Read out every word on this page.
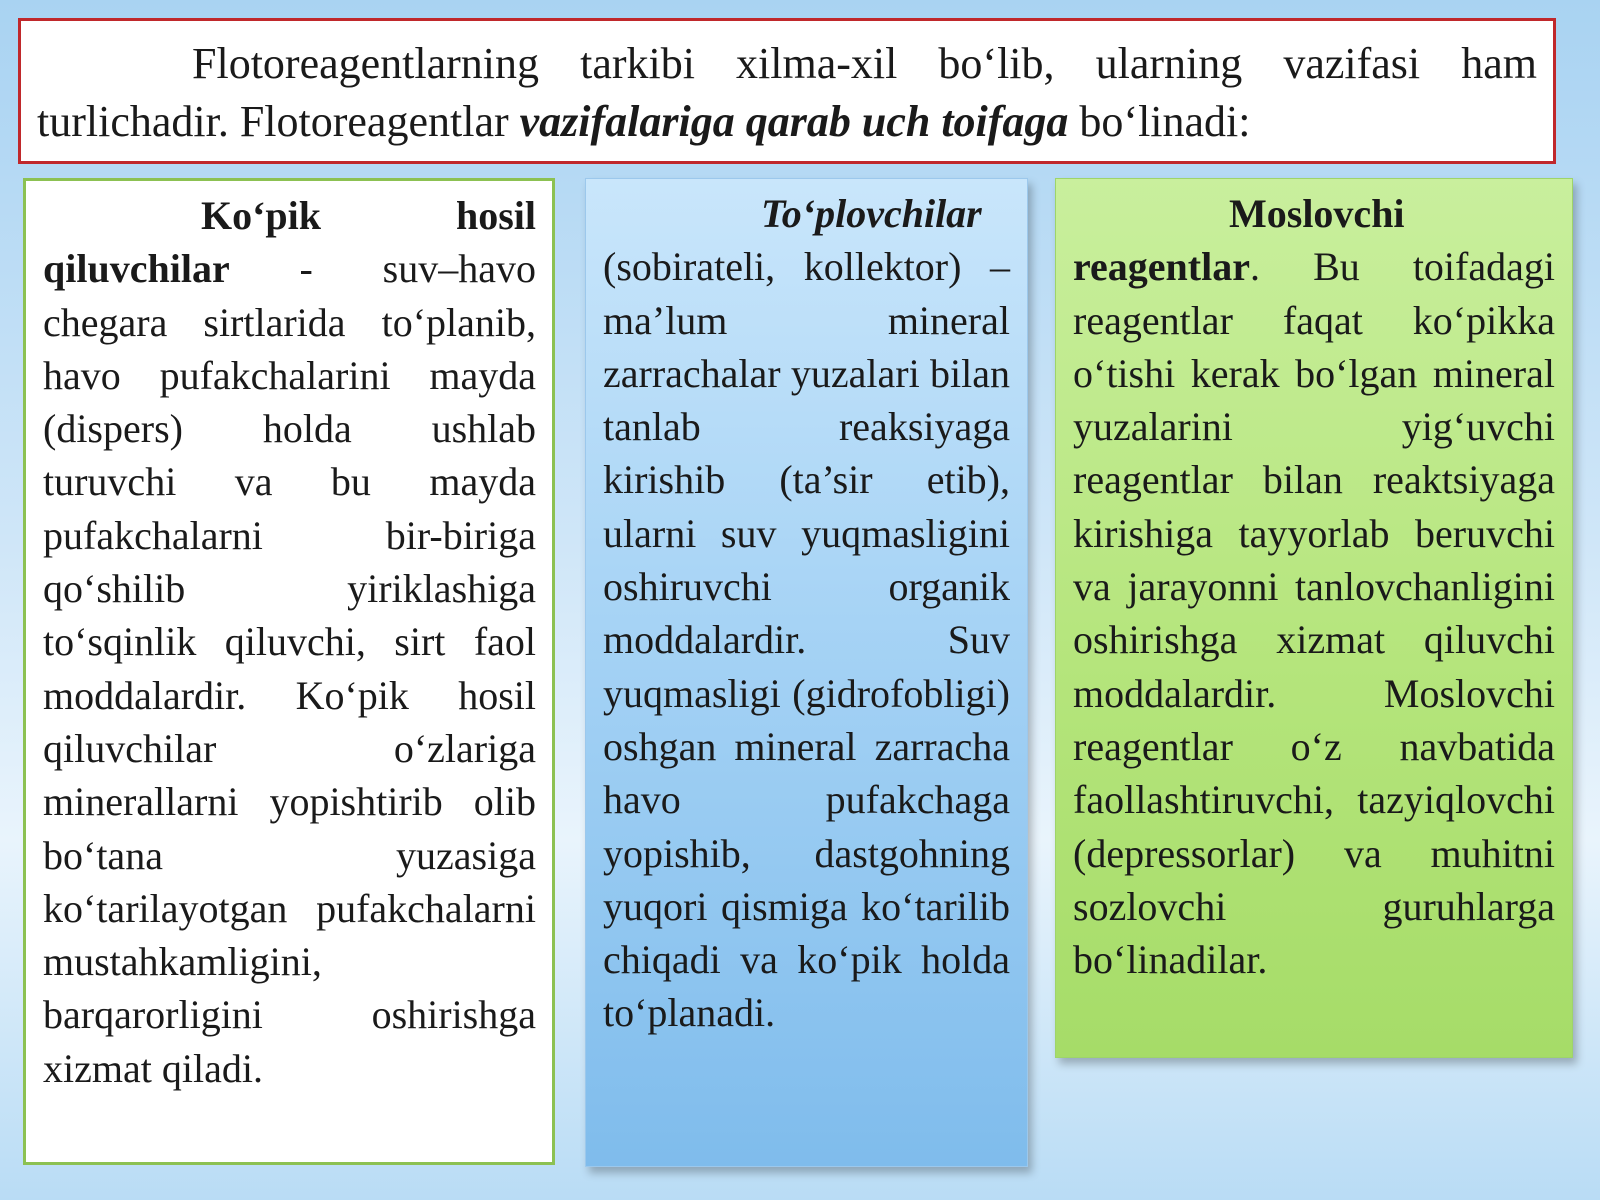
Flotoreagentlarning tarkibi xilma-xil bo‘lib, ularning vazifasi ham turlichadir. Flotoreagentlar vazifalariga qarab uch toifaga bo‘linadi:

Ko‘pik hosil qiluvchilar - suv–havo chegara sirtlarida to‘planib, havo pufakchalarini mayda (dispers) holda ushlab turuvchi va bu mayda pufakchalarni bir-biriga qo‘shilib yiriklashiga to‘sqinlik qiluvchi, sirt faol moddalardir. Ko‘pik hosil qiluvchilar o‘zlariga minerallarni yopishtirib olib bo‘tana yuzasiga ko‘tarilayotgan pufakchalarni mustahkamligini, barqarorligini oshirishga xizmat qiladi.

To‘plovchilar (sobirateli, kollektor) – ma’lum mineral zarrachalar yuzalari bilan tanlab reaksiyaga kirishib (ta’sir etib), ularni suv yuqmasligini oshiruvchi organik moddalardir. Suv yuqmasligi (gidrofobligi) oshgan mineral zarracha havo pufakchaga yopishib, dastgohning yuqori qismiga ko‘tarilib chiqadi va ko‘pik holda to‘planadi.

Moslovchi reagentlar. Bu toifadagi reagentlar faqat ko‘pikka o‘tishi kerak bo‘lgan mineral yuzalarini yig‘uvchi reagentlar bilan reaktsiyaga kirishiga tayyorlab beruvchi va jarayonni tanlovchanligini oshirishga xizmat qiluvchi moddalardir. Moslovchi reagentlar o‘z navbatida faollashtiruvchi, tazyiqlovchi (depressorlar) va muhitni sozlovchi guruhlarga bo‘linadilar.
